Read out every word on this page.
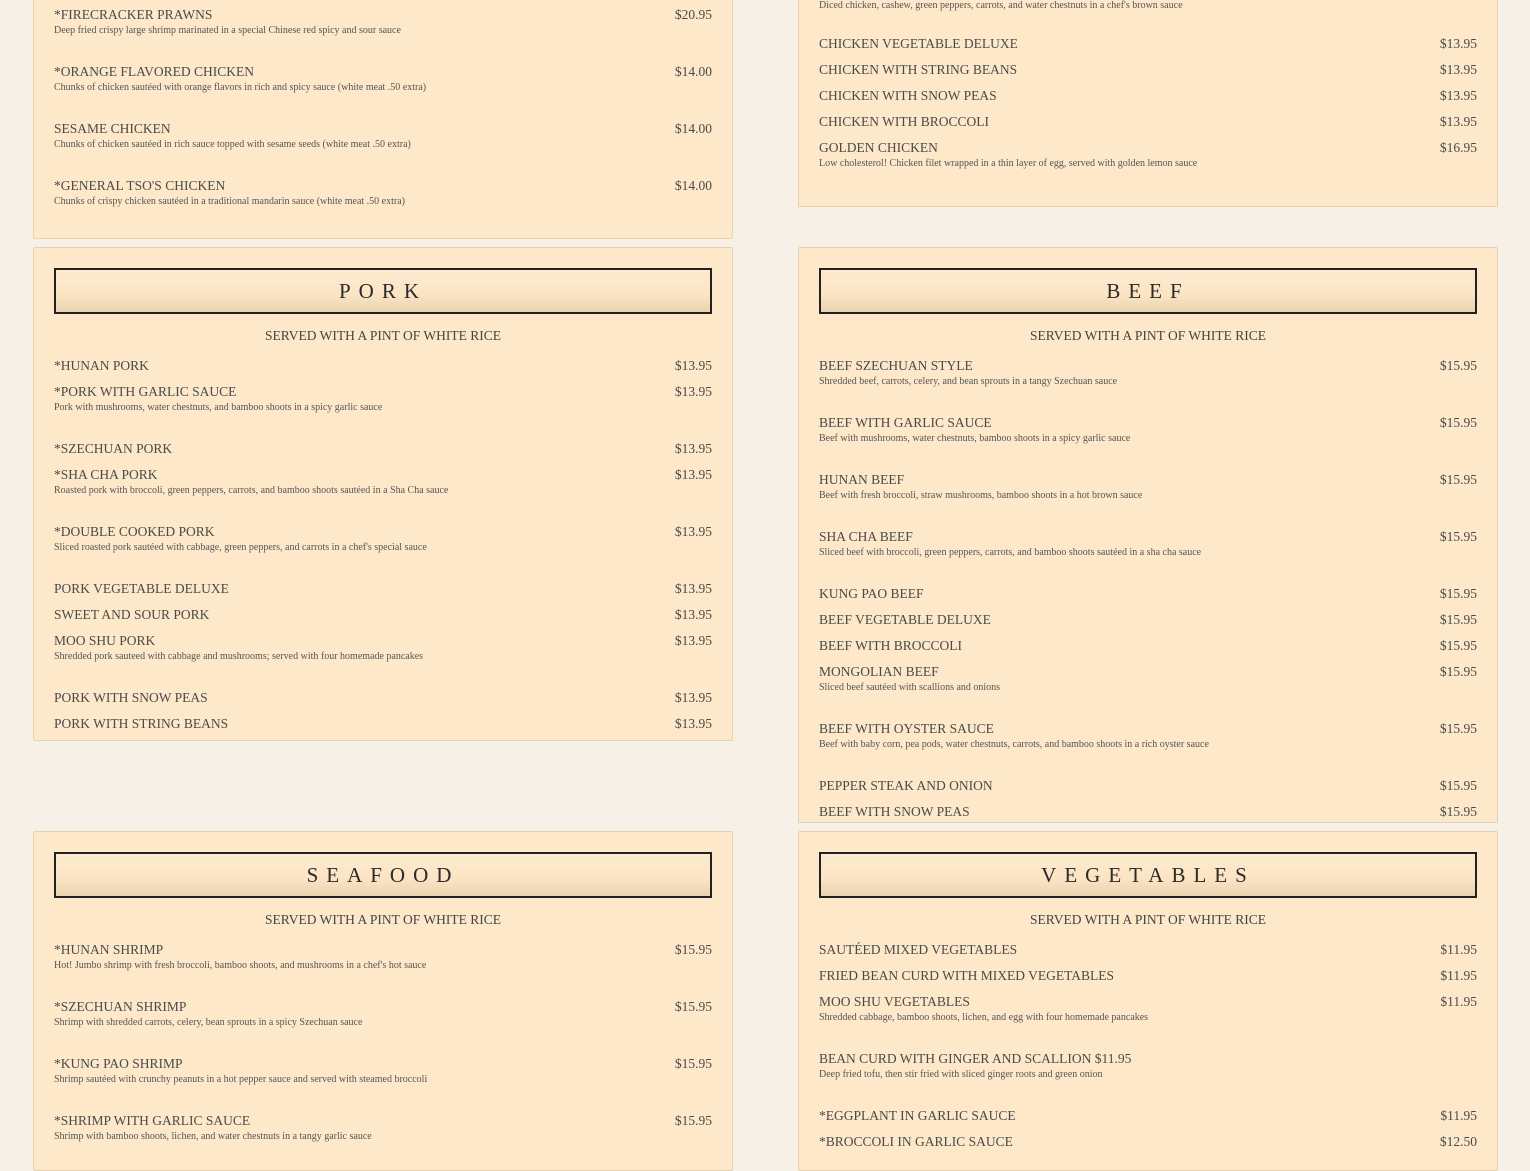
*FIRECRACKER PRAWNS	$20.95
Deep fried crispy large shrimp marinated in a special Chinese red spicy and sour sauce
*ORANGE FLAVORED CHICKEN	$14.00
Chunks of chicken sautéed with orange flavors in rich and spicy sauce (white meat .50 extra)
SESAME CHICKEN	$14.00
Chunks of chicken sautéed in rich sauce topped with sesame seeds (white meat .50 extra)
*GENERAL TSO'S CHICKEN	$14.00
Chunks of crispy chicken sautéed in a traditional mandarin sauce (white meat .50 extra)
Diced chicken, cashew, green peppers, carrots, and water chestnuts in a chef's brown sauce
CHICKEN VEGETABLE DELUXE	$13.95
CHICKEN WITH STRING BEANS	$13.95
CHICKEN WITH SNOW PEAS	$13.95
CHICKEN WITH BROCCOLI	$13.95
GOLDEN CHICKEN	$16.95
Low cholesterol! Chicken filet wrapped in a thin layer of egg, served with golden lemon sauce
PORK
SERVED WITH A PINT OF WHITE RICE
*HUNAN PORK	$13.95
*PORK WITH GARLIC SAUCE	$13.95
Pork with mushrooms, water chestnuts, and bamboo shoots in a spicy garlic sauce
*SZECHUAN PORK	$13.95
*SHA CHA PORK	$13.95
Roasted pork with broccoli, green peppers, carrots, and bamboo shoots sautéed in a Sha Cha sauce
*DOUBLE COOKED PORK	$13.95
Sliced roasted pork sautéed with cabbage, green peppers, and carrots in a chef's special sauce
PORK VEGETABLE DELUXE	$13.95
SWEET AND SOUR PORK	$13.95
MOO SHU PORK	$13.95
Shredded pork sauteed with cabbage and mushrooms; served with four homemade pancakes
PORK WITH SNOW PEAS	$13.95
PORK WITH STRING BEANS	$13.95
BEEF
SERVED WITH A PINT OF WHITE RICE
BEEF SZECHUAN STYLE	$15.95
Shredded beef, carrots, celery, and bean sprouts in a tangy Szechuan sauce
BEEF WITH GARLIC SAUCE	$15.95
Beef with mushrooms, water chestnuts, bamboo shoots in a spicy garlic sauce
HUNAN BEEF	$15.95
Beef with fresh broccoli, straw mushrooms, bamboo shoots in a hot brown sauce
SHA CHA BEEF	$15.95
Sliced beef with broccoli, green peppers, carrots, and bamboo shoots sautéed in a sha cha sauce
KUNG PAO BEEF	$15.95
BEEF VEGETABLE DELUXE	$15.95
BEEF WITH BROCCOLI	$15.95
MONGOLIAN BEEF	$15.95
Sliced beef sautéed with scallions and onions
BEEF WITH OYSTER SAUCE	$15.95
Beef with baby corn, pea pods, water chestnuts, carrots, and bamboo shoots in a rich oyster sauce
PEPPER STEAK AND ONION	$15.95
BEEF WITH SNOW PEAS	$15.95
SEAFOOD
SERVED WITH A PINT OF WHITE RICE
*HUNAN SHRIMP	$15.95
Hot! Jumbo shrimp with fresh broccoli, bamboo shoots, and mushrooms in a chef's hot sauce
*SZECHUAN SHRIMP	$15.95
Shrimp with shredded carrots, celery, bean sprouts in a spicy Szechuan sauce
*KUNG PAO SHRIMP	$15.95
Shrimp sautéed with crunchy peanuts in a hot pepper sauce and served with steamed broccoli
*SHRIMP WITH GARLIC SAUCE	$15.95
Shrimp with bamboo shoots, lichen, and water chestnuts in a tangy garlic sauce
VEGETABLES
SERVED WITH A PINT OF WHITE RICE
SAUTÉED MIXED VEGETABLES	$11.95
FRIED BEAN CURD WITH MIXED VEGETABLES	$11.95
MOO SHU VEGETABLES	$11.95
Shredded cabbage, bamboo shoots, lichen, and egg with four homemade pancakes
BEAN CURD WITH GINGER AND SCALLION $11.95
Deep fried tofu, then stir fried with sliced ginger roots and green onion
*EGGPLANT IN GARLIC SAUCE	$11.95
*BROCCOLI IN GARLIC SAUCE	$12.50
